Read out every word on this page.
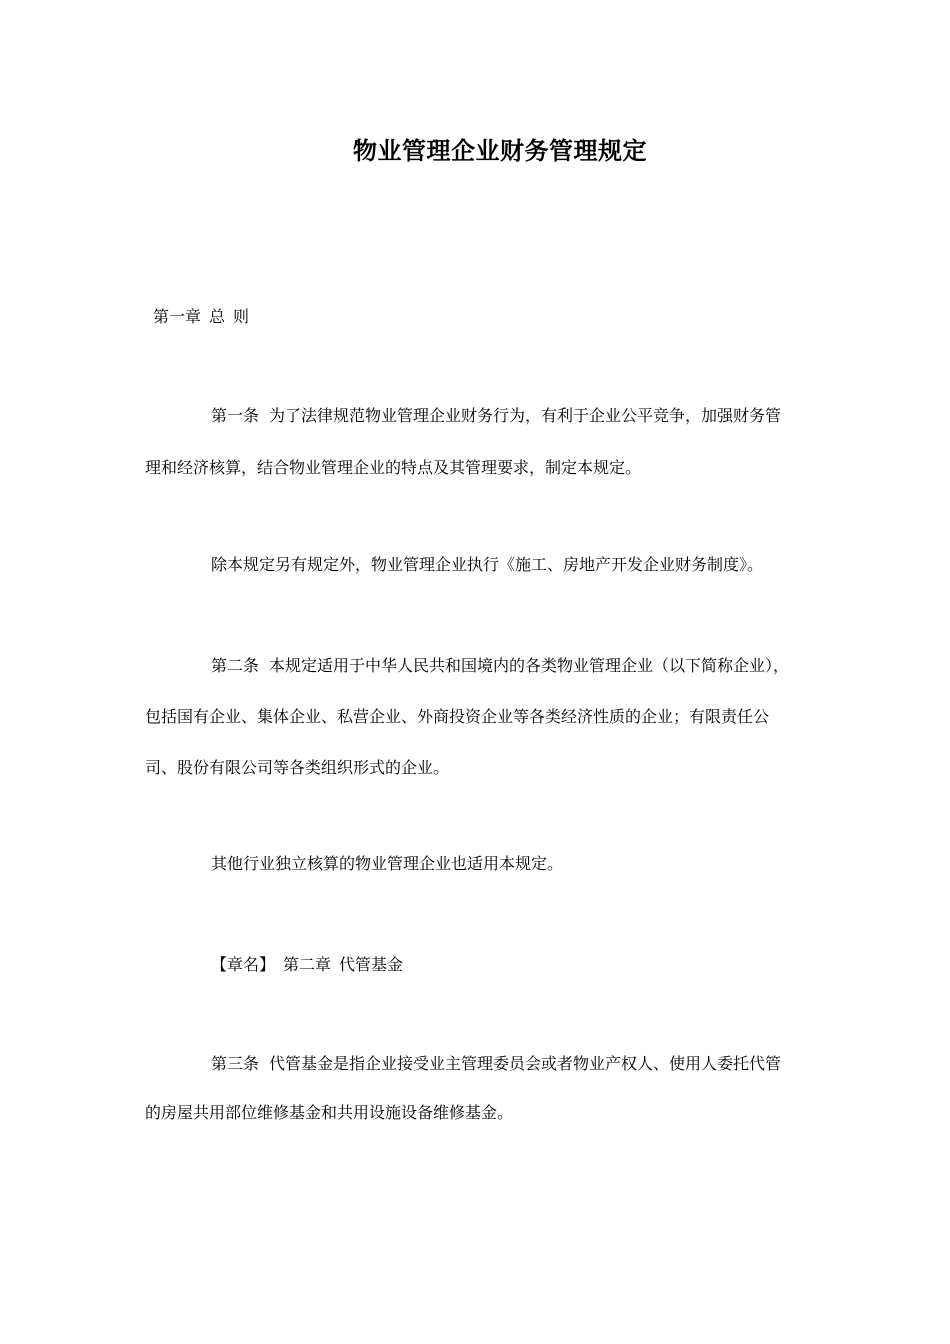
物业管理企业财务管理规定
第一章 总 则
第一条 为了法律规范物业管理企业财务行为，有利于企业公平竞争，加强财务管
理和经济核算，结合物业管理企业的特点及其管理要求，制定本规定。
除本规定另有规定外，物业管理企业执行《施工、房地产开发企业财务制度》。
第二条 本规定适用于中华人民共和国境内的各类物业管理企业（以下简称企业），
包括国有企业、集体企业、私营企业、外商投资企业等各类经济性质的企业；有限责任公
司、股份有限公司等各类组织形式的企业。
其他行业独立核算的物业管理企业也适用本规定。
【章名】 第二章 代管基金
第三条 代管基金是指企业接受业主管理委员会或者物业产权人、使用人委托代管
的房屋共用部位维修基金和共用设施设备维修基金。
